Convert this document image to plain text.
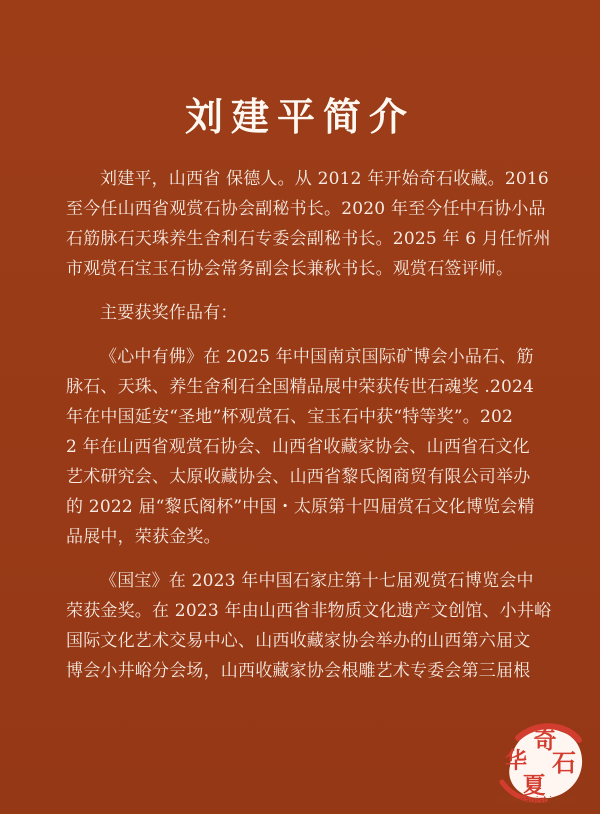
刘建平简介
刘建平，山西省 保德人。从 2012 年开始奇石收藏。2016
至今任山西省观赏石协会副秘书长。2020 年至今任中石协小品
石筋脉石天珠养生舍利石专委会副秘书长。2025 年 6 月任忻州
市观赏石宝玉石协会常务副会长兼秋书长。观赏石签评师。
主要获奖作品有：
《心中有佛》在 2025 年中国南京国际矿博会小品石、筋
脉石、天珠、养生舍利石全国精品展中荣获传世石魂奖 .2024
年在中国延安“圣地”杯观赏石、宝玉石中获“特等奖”。202
2 年在山西省观赏石协会、山西省收藏家协会、山西省石文化
艺术研究会、太原收藏协会、山西省黎氏阁商贸有限公司举办
的 2022 届“黎氏阁杯”中国・太原第十四届赏石文化博览会精
品展中，荣获金奖。
《国宝》在 2023 年中国石家庄第十七届观赏石博览会中
荣获金奖。在 2023 年由山西省非物质文化遗产文创馆、小井峪
国际文化艺术交易中心、山西收藏家协会举办的山西第六届文
博会小井峪分会场，山西收藏家协会根雕艺术专委会第三届根
奇
华 石
夏
huaxiaqishi.com
